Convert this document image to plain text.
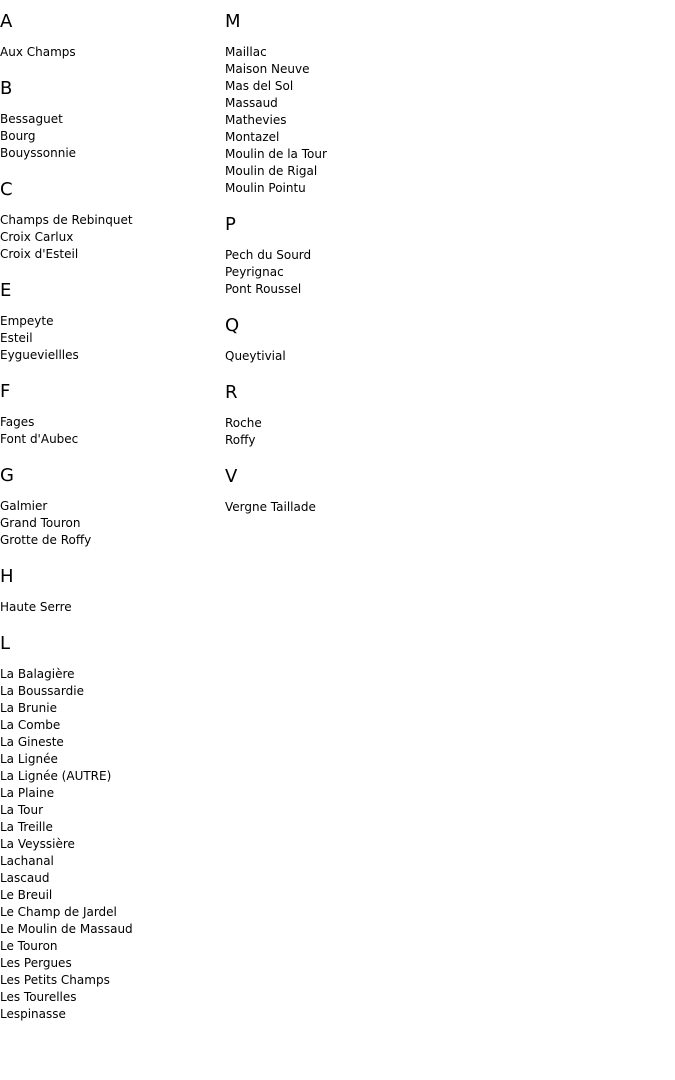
A
Aux Champs
B
Bessaguet
Bourg
Bouyssonnie
C
Champs de Rebinquet
Croix Carlux
Croix d'Esteil
E
Empeyte
Esteil
Eygueviellles
F
Fages
Font d'Aubec
G
Galmier
Grand Touron
Grotte de Roffy
H
Haute Serre
L
La Balagière
La Boussardie
La Brunie
La Combe
La Gineste
La Lignée
La Lignée (AUTRE)
La Plaine
La Tour
La Treille
La Veyssière
Lachanal
Lascaud
Le Breuil
Le Champ de Jardel
Le Moulin de Massaud
Le Touron
Les Pergues
Les Petits Champs
Les Tourelles
Lespinasse
M
Maillac
Maison Neuve
Mas del Sol
Massaud
Mathevies
Montazel
Moulin de la Tour
Moulin de Rigal
Moulin Pointu
P
Pech du Sourd
Peyrignac
Pont Roussel
Q
Queytivial
R
Roche
Roffy
V
Vergne Taillade
